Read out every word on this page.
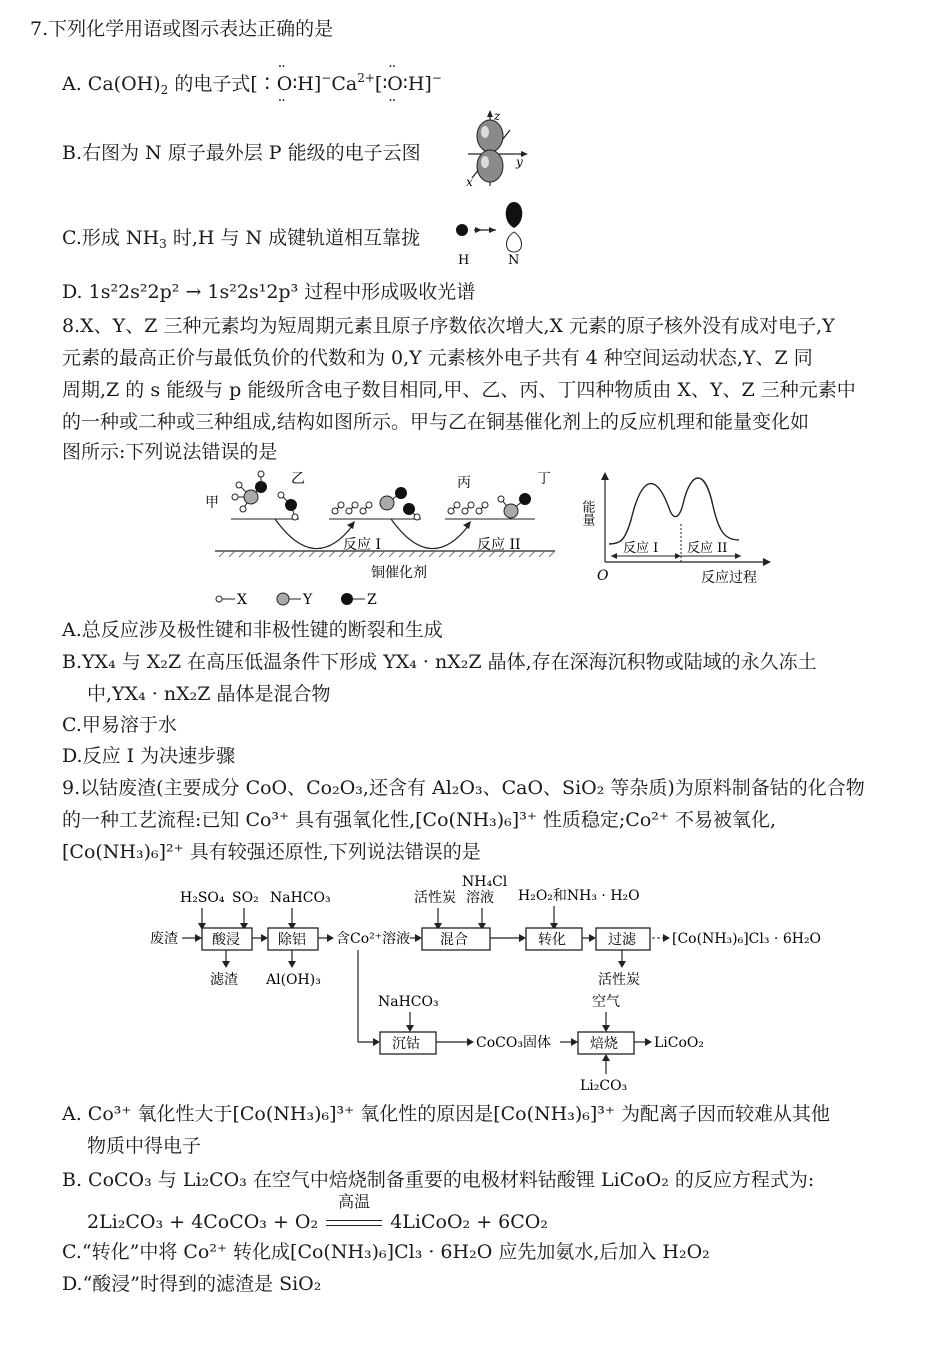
7.下列化学用语或图示表达正确的是
A. $Ca(OH)_2$ 的电子式[∶·· $O \cdot\cdot∶H]^-Ca^{2+}[∶\cdot\cdot O$ ··∶H]−
B.右图为 N 原子最外层 P 能级的电子云图
z
y
x
C.形成 $NH_3$ 时,H 与 N 成键轨道相互靠拢
H	N
D. 1s²2s²2p² → 1s²2s¹2p³ 过程中形成吸收光谱
8.X、Y、Z 三种元素均为短周期元素且原子序数依次增大,X 元素的原子核外没有成对电子,Y
元素的最高正价与最低负价的代数和为 0,Y 元素核外电子共有 4 种空间运动状态,Y、Z 同
周期,Z 的 s 能级与 p 能级所含电子数目相同,甲、乙、丙、丁四种物质由 X、Y、Z 三种元素中
的一种或二种或三种组成,结构如图所示。甲与乙在铜基催化剂上的反应机理和能量变化如
图所示:下列说法错误的是
甲
乙	丙	丁
反应 I	反应 II
铜催化剂
X	Y	Z
能量
O	反应过程
反应 I 反应 II
A.总反应涉及极性键和非极性键的断裂和生成
B.YX₄ 与 X₂Z 在高压低温条件下形成 YX₄ · nX₂Z 晶体,存在深海沉积物或陆域的永久冻土
中,YX₄ · nX₂Z 晶体是混合物
C.甲易溶于水
D.反应 I 为决速步骤
9.以钴废渣(主要成分 CoO、Co₂O₃,还含有 Al₂O₃、CaO、SiO₂ 等杂质)为原料制备钴的化合物
的一种工艺流程:已知 Co³⁺ 具有强氧化性,[Co(NH₃)₆]³⁺ 性质稳定;Co²⁺ 不易被氧化,
[Co(NH₃)₆]²⁺ 具有较强还原性,下列说法错误的是
H₂SO₄ SO₂ NaHCO₃	活性炭
NH₄Cl
溶液 H₂O₂和NH₃ · H₂O
废渣 酸浸	除铝 含Co²⁺溶液 混合	转化	过滤	[Co(NH₃)₆]Cl₃ · 6H₂O
滤渣 Al(OH)₃	活性炭
NaHCO₃
沉钴	CoCO₃固体
空气
焙烧	LiCoO₂
Li₂CO₃
A. Co³⁺ 氧化性大于[Co(NH₃)₆]³⁺ 氧化性的原因是[Co(NH₃)₆]³⁺ 为配离子因而较难从其他
物质中得电子
B. CoCO₃ 与 Li₂CO₃ 在空气中焙烧制备重要的电极材料钴酸锂 LiCoO₂ 的反应方程式为:
2Li₂CO₃ + 4CoCO₃ + O₂
高温
4LiCoO₂ + 6CO₂
C.“转化”中将 Co²⁺ 转化成[Co(NH₃)₆]Cl₃ · 6H₂O 应先加氨水,后加入 H₂O₂
D.“酸浸”时得到的滤渣是 SiO₂
